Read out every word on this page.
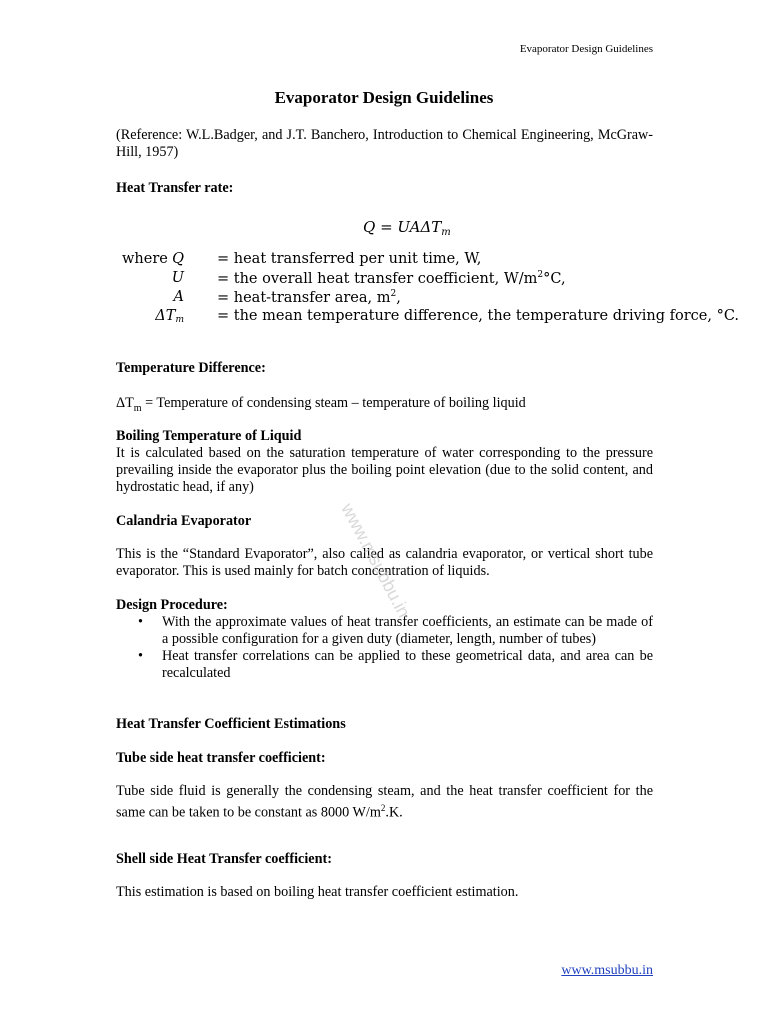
Evaporator Design Guidelines
Evaporator Design Guidelines

(Reference: W.L.Badger, and J.T. Banchero, Introduction to Chemical Engineering, McGraw-Hill, 1957)

Heat Transfer rate:

$Q = UA\Delta T_m$
where Q = heat transferred per unit time, W,
U = the overall heat transfer coefficient, $W/m^2^\circ C$,
A = heat-transfer area, $m^2$,
$\Delta T_m$ = the mean temperature difference, the temperature driving force, °C.

Temperature Difference:

$\Delta T_m$ = Temperature of condensing steam – temperature of boiling liquid

Boiling Temperature of Liquid

It is calculated based on the saturation temperature of water corresponding to the pressure prevailing inside the evaporator plus the boiling point elevation (due to the solid content, and hydrostatic head, if any)

Calandria Evaporator

This is the “Standard Evaporator”, also called as calandria evaporator, or vertical short tube evaporator. This is used mainly for batch concentration of liquids.

Design Procedure:

• With the approximate values of heat transfer coefficients, an estimate can be made of a possible configuration for a given duty (diameter, length, number of tubes)
• Heat transfer correlations can be applied to these geometrical data, and area can be recalculated

Heat Transfer Coefficient Estimations

Tube side heat transfer coefficient:

Tube side fluid is generally the condensing steam, and the heat transfer coefficient for the same can be taken to be constant as 8000 $W/m^2.K$.

Shell side Heat Transfer coefficient:

This estimation is based on boiling heat transfer coefficient estimation.

www.msubbu.in
www.msubbu.in
